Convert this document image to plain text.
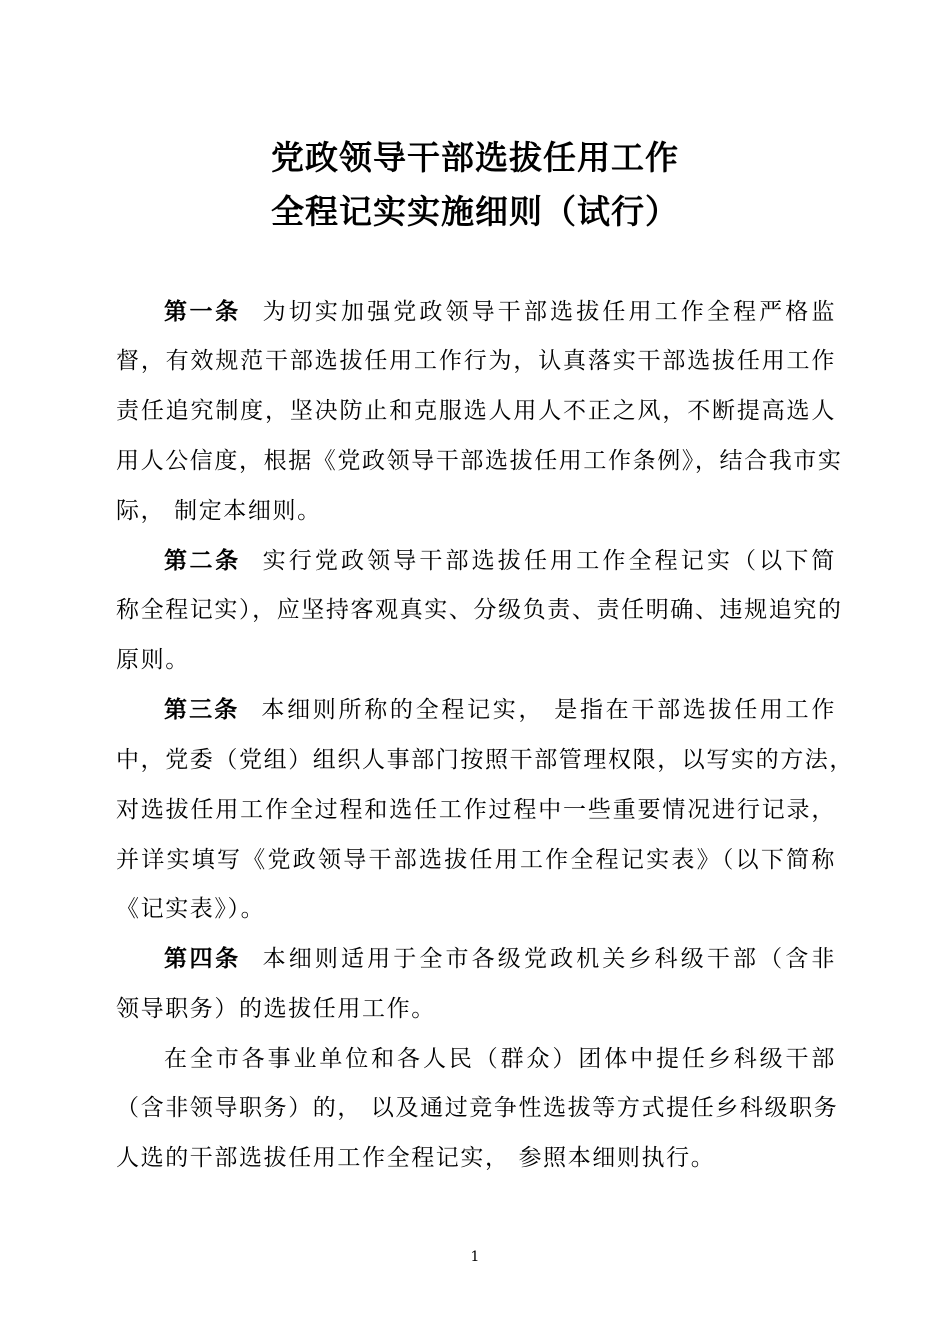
党政领导干部选拔任用工作
全程记实实施细则（试行）
第一条 为切实加强党政领导干部选拔任用工作全程严格监
督，有效规范干部选拔任用工作行为，认真落实干部选拔任用工作
责任追究制度，坚决防止和克服选人用人不正之风，不断提高选人
用人公信度，根据《党政领导干部选拔任用工作条例》，结合我市实
际， 制定本细则。
第二条 实行党政领导干部选拔任用工作全程记实（以下简
称全程记实），应坚持客观真实、分级负责、责任明确、违规追究的
原则。
第三条 本细则所称的全程记实， 是指在干部选拔任用工作
中，党委（党组）组织人事部门按照干部管理权限，以写实的方法，
对选拔任用工作全过程和选任工作过程中一些重要情况进行记录，
并详实填写《党政领导干部选拔任用工作全程记实表》（以下简称
《记实表》）。
第四条 本细则适用于全市各级党政机关乡科级干部（含非
领导职务）的选拔任用工作。
在全市各事业单位和各人民（群众）团体中提任乡科级干部
（含非领导职务）的， 以及通过竞争性选拔等方式提任乡科级职务
人选的干部选拔任用工作全程记实， 参照本细则执行。
1
